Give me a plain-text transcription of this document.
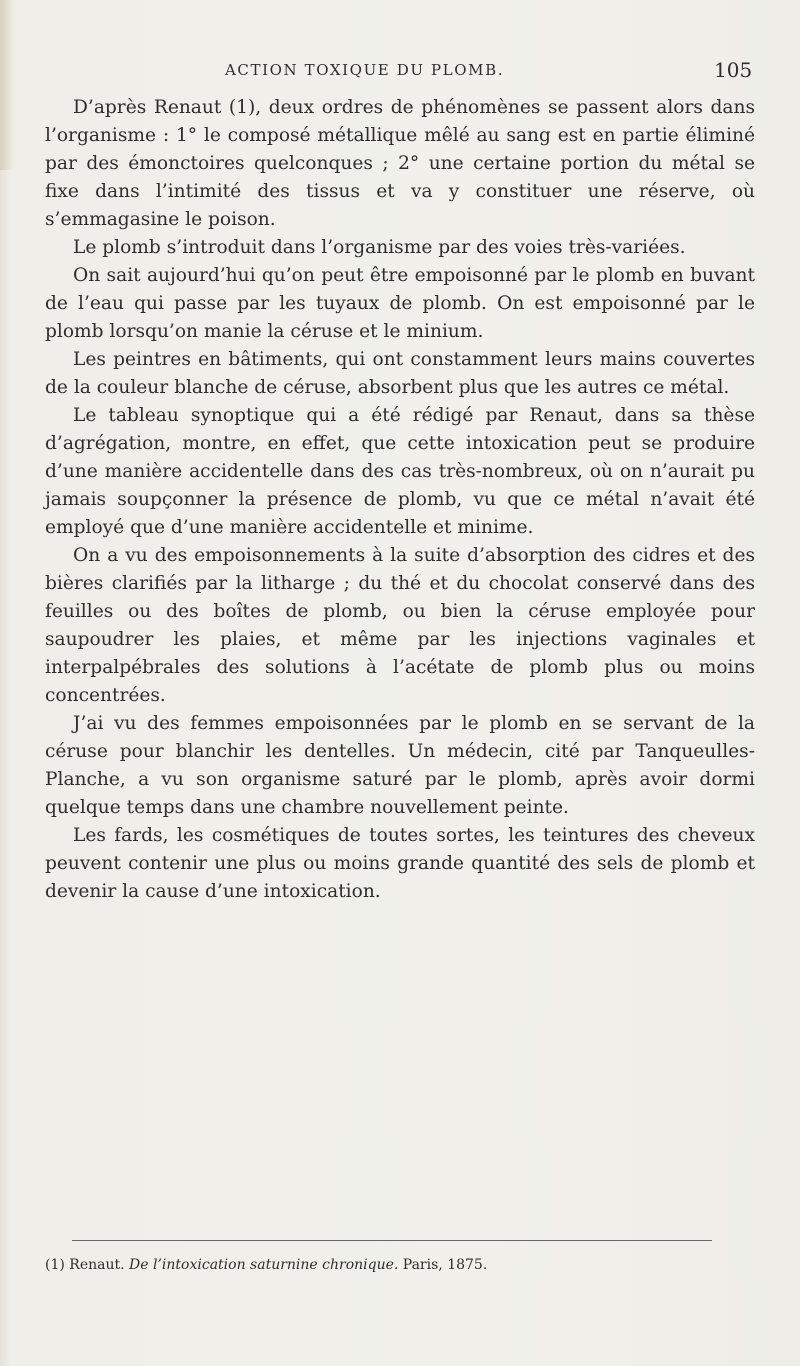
ACTION TOXIQUE DU PLOMB.	105

D’après Renaut (1), deux ordres de phénomènes se passent alors dans l’organisme : 1° le composé métallique mêlé au sang est en partie éliminé par des émonctoires quelconques ; 2° une certaine portion du métal se fixe dans l’intimité des tissus et va y constituer une réserve, où s’emmagasine le poison.

Le plomb s’introduit dans l’organisme par des voies très-variées.

On sait aujourd’hui qu’on peut être empoisonné par le plomb en buvant de l’eau qui passe par les tuyaux de plomb. On est empoisonné par le plomb lorsqu’on manie la céruse et le minium.

Les peintres en bâtiments, qui ont constamment leurs mains couvertes de la couleur blanche de céruse, absorbent plus que les autres ce métal.

Le tableau synoptique qui a été rédigé par Renaut, dans sa thèse d’agrégation, montre, en effet, que cette intoxication peut se produire d’une manière accidentelle dans des cas très-nombreux, où on n’aurait pu jamais soupçonner la présence de plomb, vu que ce métal n’avait été employé que d’une manière accidentelle et minime.

On a vu des empoisonnements à la suite d’absorption des cidres et des bières clarifiés par la litharge ; du thé et du chocolat conservé dans des feuilles ou des boîtes de plomb, ou bien la céruse employée pour saupoudrer les plaies, et même par les injections vaginales et interpalpébrales des solutions à l’acétate de plomb plus ou moins concentrées.

J’ai vu des femmes empoisonnées par le plomb en se servant de la céruse pour blanchir les dentelles. Un médecin, cité par Tanqueulles-Planche, a vu son organisme saturé par le plomb, après avoir dormi quelque temps dans une chambre nouvellement peinte.

Les fards, les cosmétiques de toutes sortes, les teintures des cheveux peuvent contenir une plus ou moins grande quantité des sels de plomb et devenir la cause d’une intoxication.

(1) Renaut. De l’intoxication saturnine chronique. Paris, 1875.
